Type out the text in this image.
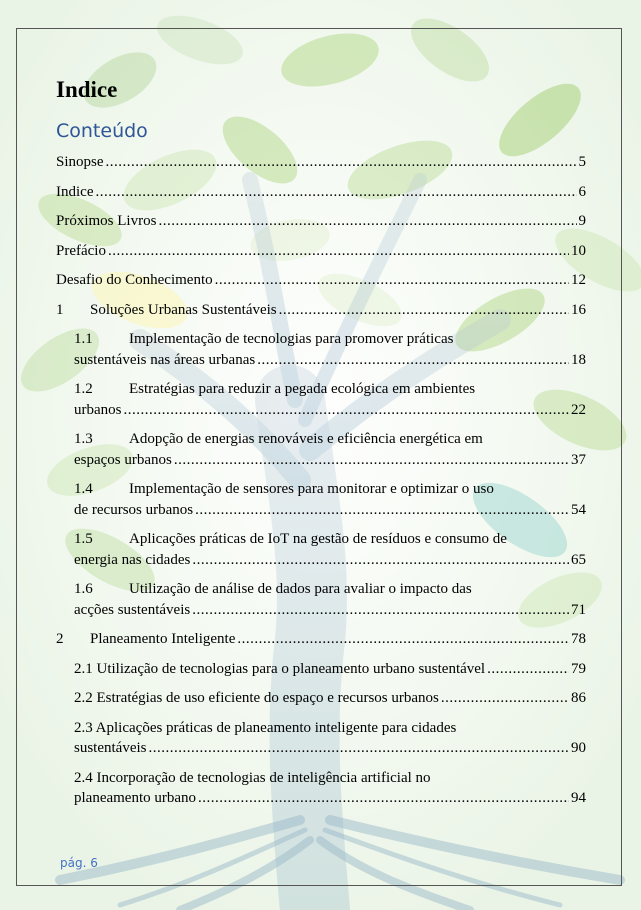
Indice
Conteúdo
Sinopse .....	5
Indice .....	6
Próximos Livros .....	9
Prefácio .....	10
Desafio do Conhecimento .....	12
1	Soluções Urbanas Sustentáveis .....	16
1.1 Implementação de tecnologias para promover práticas
sustentáveis nas áreas urbanas .....	18
1.2 Estratégias para reduzir a pegada ecológica em ambientes
urbanos .....	22
1.3 Adopção de energias renováveis e eficiência energética em
espaços urbanos .....	37
1.4 Implementação de sensores para monitorar e optimizar o uso
de recursos urbanos .....	54
1.5 Aplicações práticas de IoT na gestão de resíduos e consumo de
energia nas cidades .....	65
1.6 Utilização de análise de dados para avaliar o impacto das
acções sustentáveis .....	71
2	Planeamento Inteligente .....	78
2.1 Utilização de tecnologias para o planeamento urbano sustentável .....	79
2.2 Estratégias de uso eficiente do espaço e recursos urbanos .....	86
2.3 Aplicações práticas de planeamento inteligente para cidades
sustentáveis .....	90
2.4 Incorporação de tecnologias de inteligência artificial no
planeamento urbano .....	94
pág. 6
